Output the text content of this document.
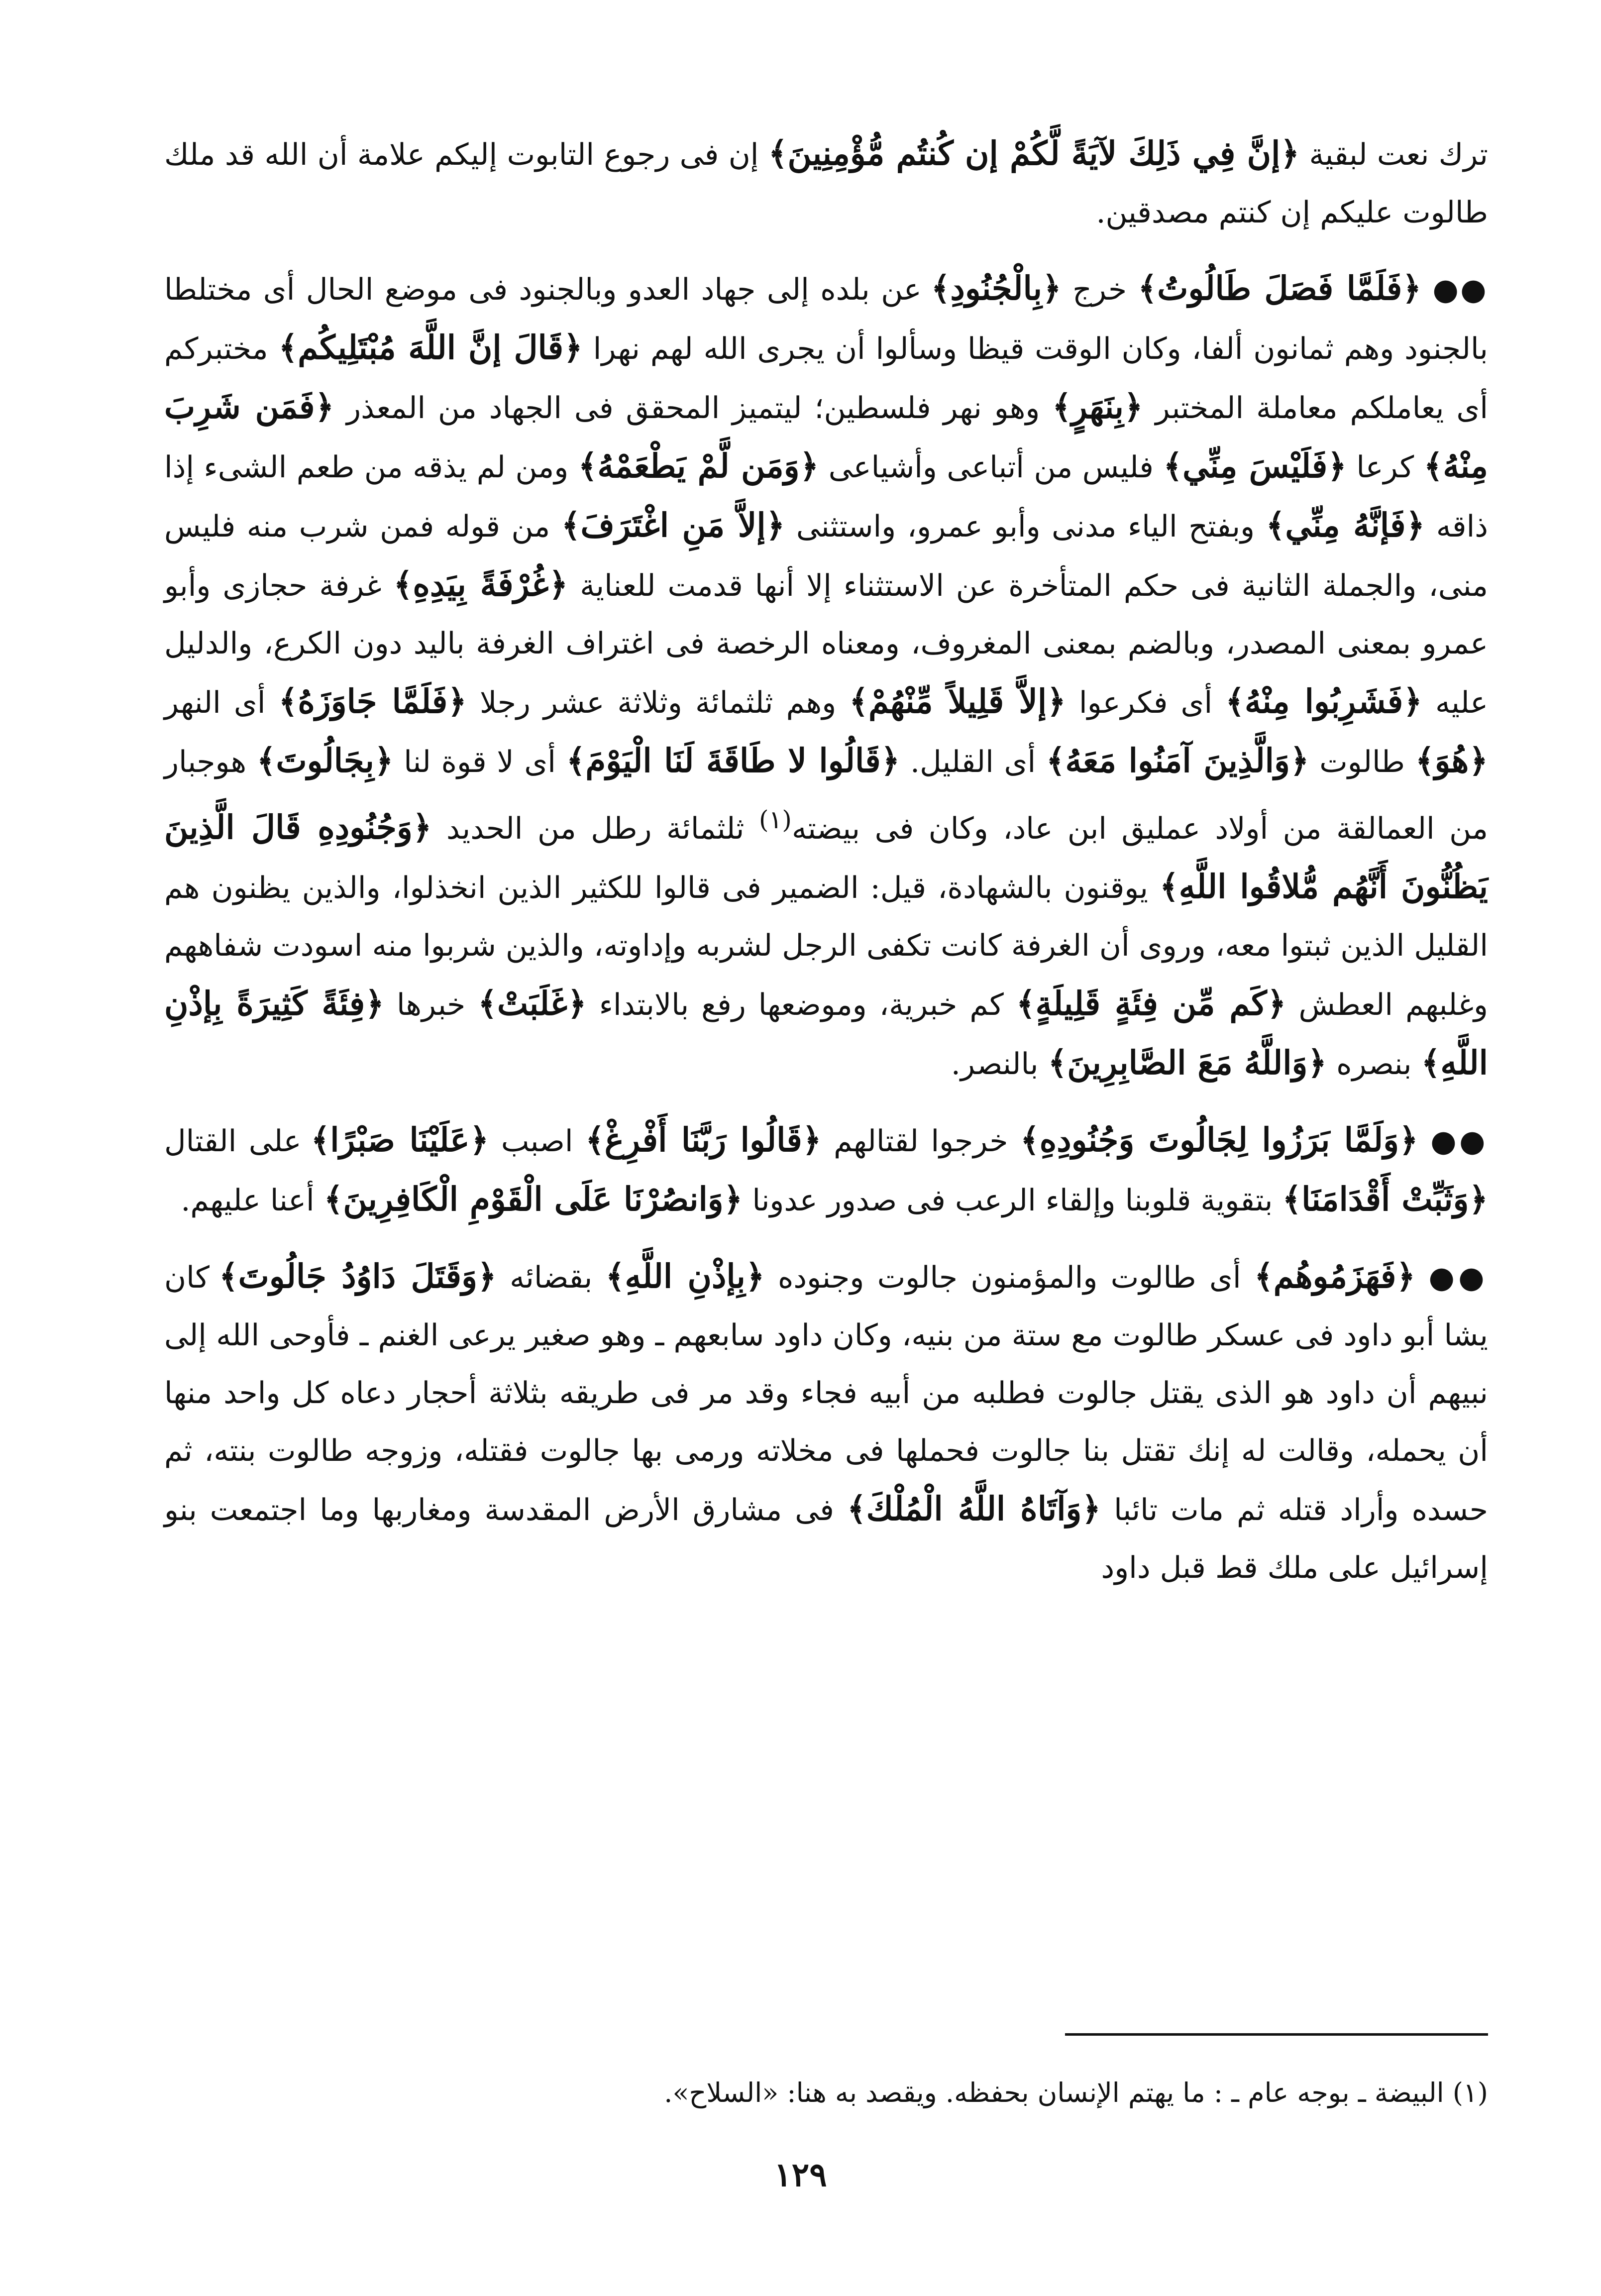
ترك نعت لبقية ﴿إنَّ فِي ذَلِكَ لآيَةً لَّكُمْ إن كُنتُم مُّؤْمِنِينَ﴾ إن فى رجوع التابوت إليكم علامة أن الله قد ملك طالوت عليكم إن كنتم مصدقين.

●● ﴿فَلَمَّا فَصَلَ طَالُوتُ﴾ خرج ﴿بِالْجُنُودِ﴾ عن بلده إلى جهاد العدو وبالجنود فى موضع الحال أى مختلطا بالجنود وهم ثمانون ألفا، وكان الوقت قيظا وسألوا أن يجرى الله لهم نهرا ﴿قَالَ إنَّ اللَّهَ مُبْتَلِيكُم﴾ مختبركم أى يعاملكم معاملة المختبر ﴿بِنَهَرٍ﴾ وهو نهر فلسطين؛ ليتميز المحقق فى الجهاد من المعذر ﴿فَمَن شَرِبَ مِنْهُ﴾ كرعا ﴿فَلَيْسَ مِنِّي﴾ فليس من أتباعى وأشياعى ﴿وَمَن لَّمْ يَطْعَمْهُ﴾ ومن لم يذقه من طعم الشىء إذا ذاقه ﴿فَإنَّهُ مِنِّي﴾ وبفتح الياء مدنى وأبو عمرو، واستثنى ﴿إلاَّ مَنِ اغْتَرَفَ﴾ من قوله فمن شرب منه فليس منى، والجملة الثانية فى حكم المتأخرة عن الاستثناء إلا أنها قدمت للعناية ﴿غُرْفَةً بِيَدِهِ﴾ غرفة حجازى وأبو عمرو بمعنى المصدر، وبالضم بمعنى المغروف، ومعناه الرخصة فى اغتراف الغرفة باليد دون الكرع، والدليل عليه ﴿فَشَرِبُوا مِنْهُ﴾ أى فكرعوا ﴿إلاَّ قَلِيلاً مِّنْهُمْ﴾ وهم ثلثمائة وثلاثة عشر رجلا ﴿فَلَمَّا جَاوَزَهُ﴾ أى النهر ﴿هُوَ﴾ طالوت ﴿وَالَّذِينَ آمَنُوا مَعَهُ﴾ أى القليل. ﴿قَالُوا لا طَاقَةَ لَنَا الْيَوْمَ﴾ أى لا قوة لنا ﴿بِجَالُوتَ﴾ هوجبار من العمالقة من أولاد عمليق ابن عاد، وكان فى بيضته$^{(١)}$ ثلثمائة رطل من الحديد ﴿وَجُنُودِهِ قَالَ الَّذِينَ يَظُنُّونَ أَنَّهُم مُّلاقُوا اللَّهِ﴾ يوقنون بالشهادة، قيل: الضمير فى قالوا للكثير الذين انخذلوا، والذين يظنون هم القليل الذين ثبتوا معه، وروى أن الغرفة كانت تكفى الرجل لشربه وإداوته، والذين شربوا منه اسودت شفاههم وغلبهم العطش ﴿كَم مِّن فِئَةٍ قَلِيلَةٍ﴾ كم خبرية، وموضعها رفع بالابتداء ﴿غَلَبَتْ﴾ خبرها ﴿فِئَةً كَثِيرَةً بِإذْنِ اللَّهِ﴾ بنصره ﴿وَاللَّهُ مَعَ الصَّابِرِينَ﴾ بالنصر.

●● ﴿وَلَمَّا بَرَزُوا لِجَالُوتَ وَجُنُودِهِ﴾ خرجوا لقتالهم ﴿قَالُوا رَبَّنَا أَفْرِغْ﴾ اصبب ﴿عَلَيْنَا صَبْرًا﴾ على القتال ﴿وَثَبِّتْ أَقْدَامَنَا﴾ بتقوية قلوبنا وإلقاء الرعب فى صدور عدونا ﴿وَانصُرْنَا عَلَى الْقَوْمِ الْكَافِرِينَ﴾ أعنا عليهم.

●● ﴿فَهَزَمُوهُم﴾ أى طالوت والمؤمنون جالوت وجنوده ﴿بِإذْنِ اللَّهِ﴾ بقضائه ﴿وَقَتَلَ دَاوُدُ جَالُوتَ﴾ كان يشا أبو داود فى عسكر طالوت مع ستة من بنيه، وكان داود سابعهم ـ وهو صغير يرعى الغنم ـ فأوحى الله إلى نبيهم أن داود هو الذى يقتل جالوت فطلبه من أبيه فجاء وقد مر فى طريقه بثلاثة أحجار دعاه كل واحد منها أن يحمله، وقالت له إنك تقتل بنا جالوت فحملها فى مخلاته ورمى بها جالوت فقتله، وزوجه طالوت بنته، ثم حسده وأراد قتله ثم مات تائبا ﴿وَآتَاهُ اللَّهُ الْمُلْكَ﴾ فى مشارق الأرض المقدسة ومغاربها وما اجتمعت بنو إسرائيل على ملك قط قبل داود

(١) البيضة ـ بوجه عام ـ : ما يهتم الإنسان بحفظه. ويقصد به هنا: «السلاح».
١٢٩
